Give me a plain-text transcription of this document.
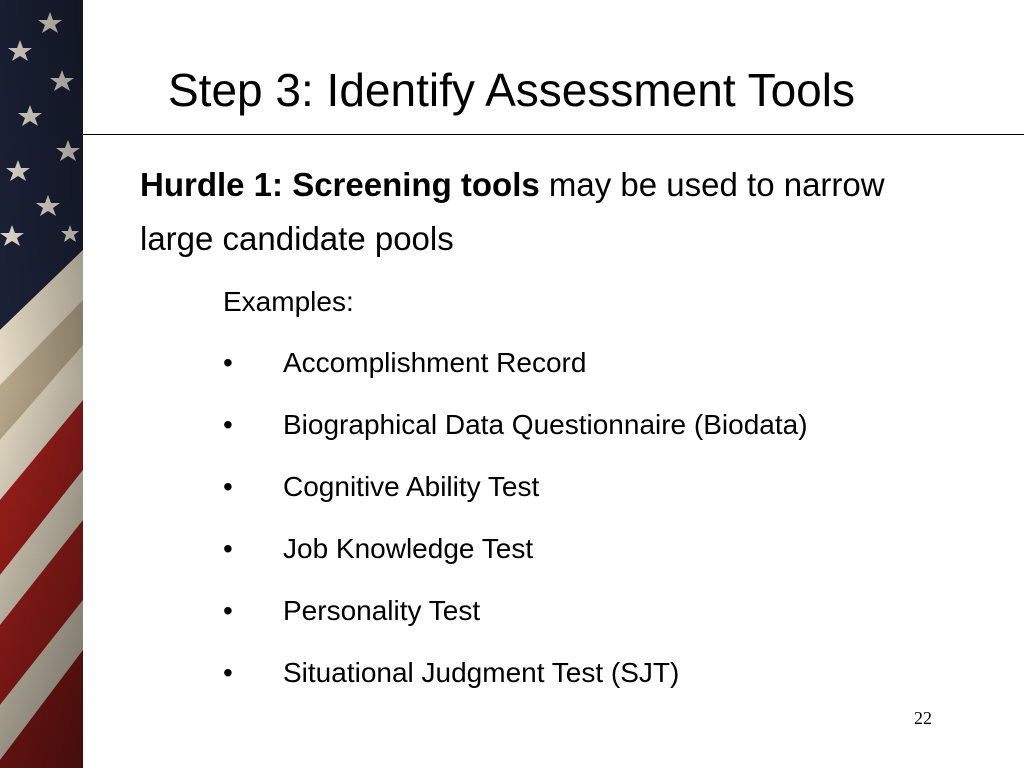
Step 3: Identify Assessment Tools

Hurdle 1: Screening tools may be used to narrow large candidate pools

Examples:

•	Accomplishment Record
•	Biographical Data Questionnaire (Biodata)
•	Cognitive Ability Test
•	Job Knowledge Test
•	Personality Test
•	Situational Judgment Test (SJT)
22
